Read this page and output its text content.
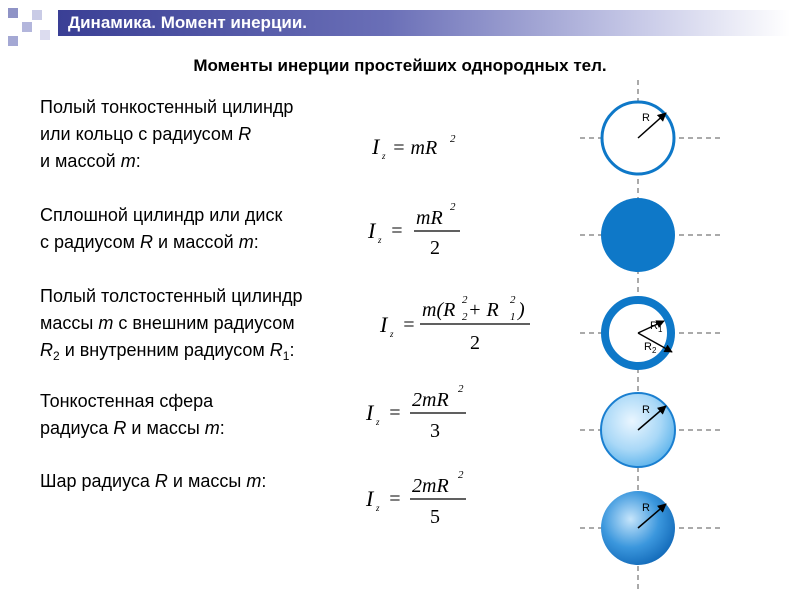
Динамика. Момент инерции.
Моменты инерции простейших однородных тел.
Полый тонкостенный цилиндр
или кольцо с радиусом R
и массой m:
Сплошной цилиндр или диск
с радиусом R и массой m:
Полый толстостенный цилиндр
массы m с внешним радиусом
$R_2$ и внутренним радиусом $R_1$:
Тонкостенная сфера
радиуса R и массы m:
Шар радиуса R и массы m:
I z = mR 2
I z =
mR 2
2
I z =
m(R 2
2 + R 2
1 )
2
I z =
2mR 2
3
I z =
2mR 2
5
R
$R_1$
$R_2$
R
R
